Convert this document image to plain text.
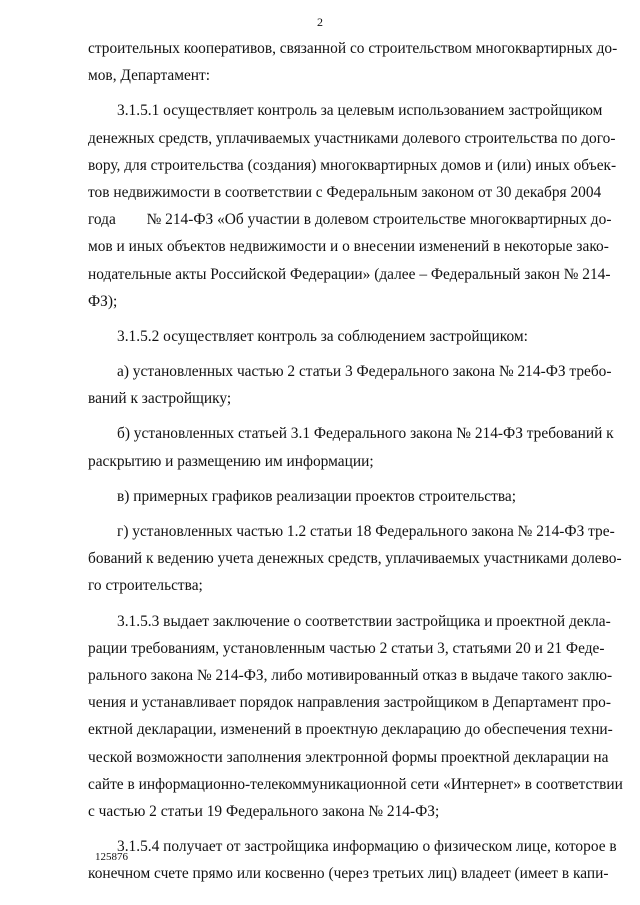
2
строительных кооперативов, связанной со строительством многоквартирных до-
мов, Департамент:
3.1.5.1 осуществляет контроль за целевым использованием застройщиком
денежных средств, уплачиваемых участниками долевого строительства по дого-
вору, для строительства (создания) многоквартирных домов и (или) иных объек-
тов недвижимости в соответствии с Федеральным законом от 30 декабря 2004
года        № 214-ФЗ «Об участии в долевом строительстве многоквартирных до-
мов и иных объектов недвижимости и о внесении изменений в некоторые зако-
нодательные акты Российской Федерации» (далее – Федеральный закон № 214-
ФЗ);
3.1.5.2 осуществляет контроль за соблюдением застройщиком:
а) установленных частью 2 статьи 3 Федерального закона № 214-ФЗ требо-
ваний к застройщику;
б) установленных статьей 3.1 Федерального закона № 214-ФЗ требований к
раскрытию и размещению им информации;
в) примерных графиков реализации проектов строительства;
г) установленных частью 1.2 статьи 18 Федерального закона № 214-ФЗ тре-
бований к ведению учета денежных средств, уплачиваемых участниками долево-
го строительства;
3.1.5.3 выдает заключение о соответствии застройщика и проектной декла-
рации требованиям, установленным частью 2 статьи 3, статьями 20 и 21 Феде-
рального закона № 214-ФЗ, либо мотивированный отказ в выдаче такого заклю-
чения и устанавливает порядок направления застройщиком в Департамент про-
ектной декларации, изменений в проектную декларацию до обеспечения техни-
ческой возможности заполнения электронной формы проектной декларации на
сайте в информационно-телекоммуникационной сети «Интернет» в соответствии
с частью 2 статьи 19 Федерального закона № 214-ФЗ;
3.1.5.4 получает от застройщика информацию о физическом лице, которое в
конечном счете прямо или косвенно (через третьих лиц) владеет (имеет в капи-
125876
